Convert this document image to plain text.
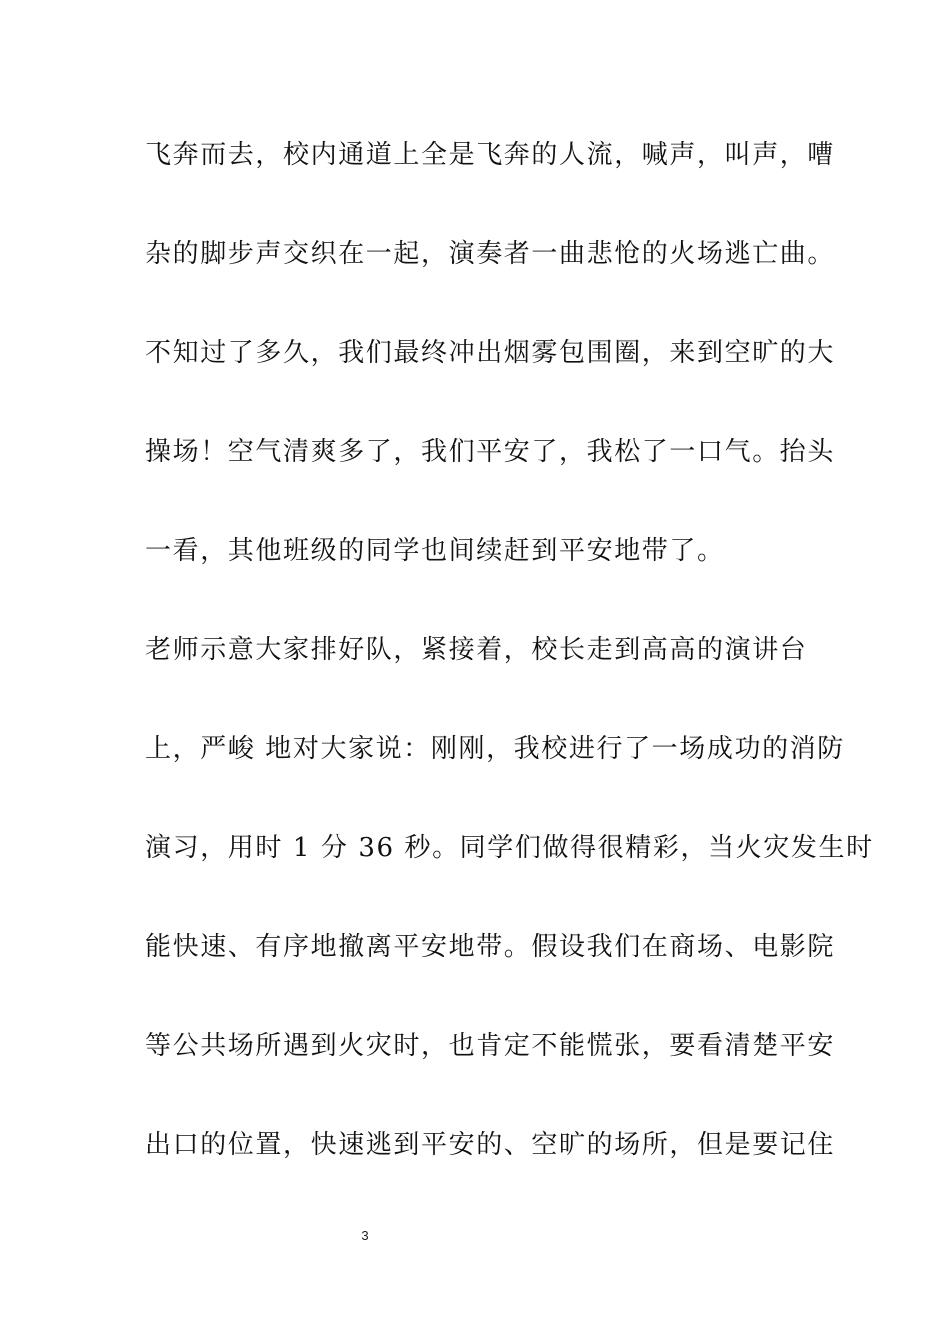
飞奔而去，校内通道上全是飞奔的人流，喊声，叫声，嘈
杂的脚步声交织在一起，演奏者一曲悲怆的火场逃亡曲。
不知过了多久，我们最终冲出烟雾包围圈，来到空旷的大
操场！空气清爽多了，我们平安了，我松了一口气。抬头
一看，其他班级的同学也间续赶到平安地带了。
老师示意大家排好队，紧接着，校长走到高高的演讲台
上，严峻 地对大家说：刚刚，我校进行了一场成功的消防
演习，用时 1 分 36 秒。同学们做得很精彩，当火灾发生时
能快速、有序地撤离平安地带。假设我们在商场、电影院
等公共场所遇到火灾时，也肯定不能慌张，要看清楚平安
出口的位置，快速逃到平安的、空旷的场所，但是要记住
3
